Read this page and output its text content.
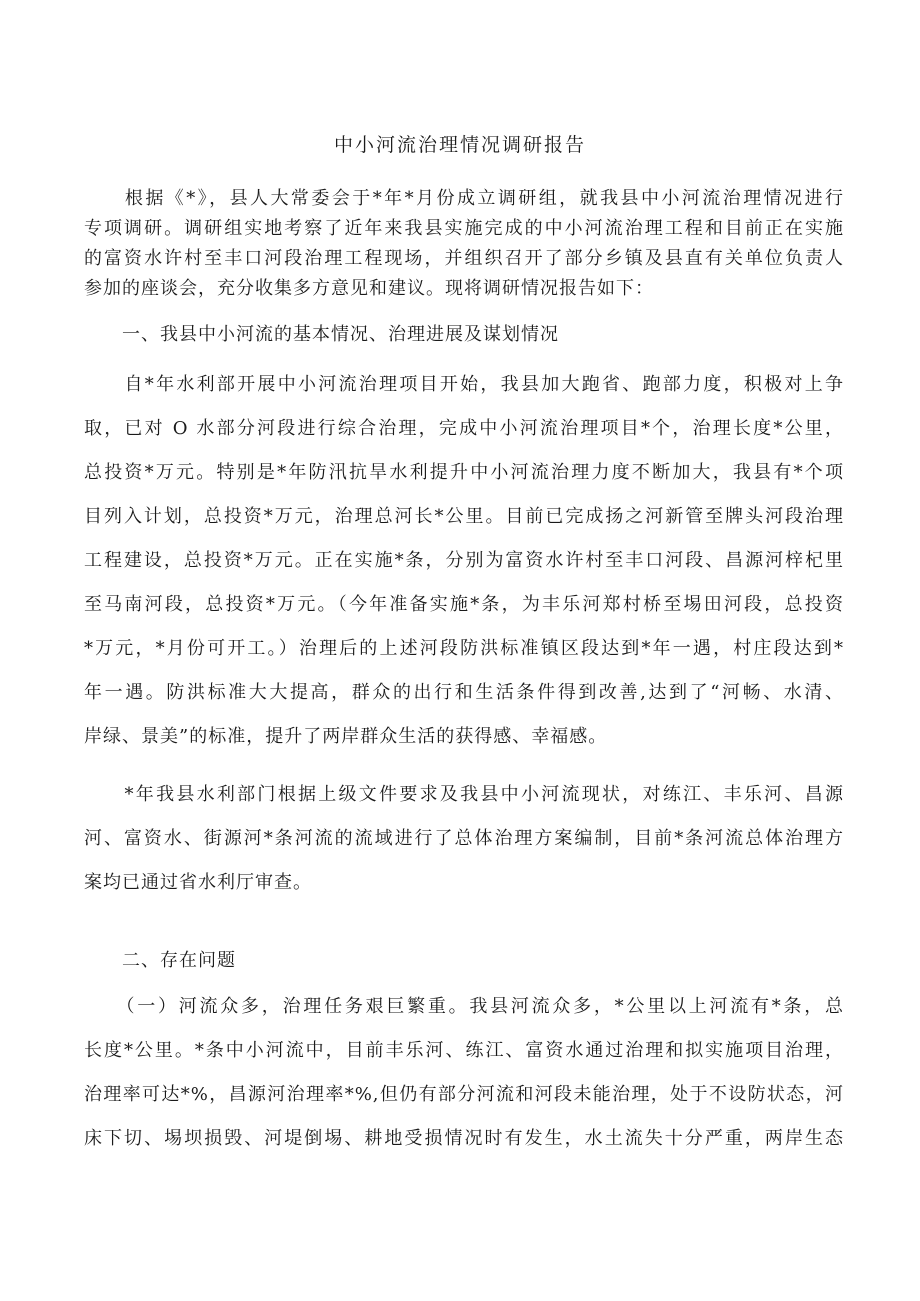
中小河流治理情况调研报告
　　根据《*》，县人大常委会于*年*月份成立调研组，就我县中小河流治理情况进行
专项调研。调研组实地考察了近年来我县实施完成的中小河流治理工程和目前正在实施
的富资水许村至丰口河段治理工程现场，并组织召开了部分乡镇及县直有关单位负责人
参加的座谈会，充分收集多方意见和建议。现将调研情况报告如下：
　　一、我县中小河流的基本情况、治理进展及谋划情况
　　自*年水利部开展中小河流治理项目开始，我县加大跑省、跑部力度，积极对上争
取，已对 O 水部分河段进行综合治理，完成中小河流治理项目*个，治理长度*公里，
总投资*万元。特别是*年防汛抗旱水利提升中小河流治理力度不断加大，我县有*个项
目列入计划，总投资*万元，治理总河长*公里。目前已完成扬之河新管至牌头河段治理
工程建设，总投资*万元。正在实施*条，分别为富资水许村至丰口河段、昌源河梓杞里
至马南河段，总投资*万元。（今年准备实施*条，为丰乐河郑村桥至埸田河段，总投资
*万元，*月份可开工。）治理后的上述河段防洪标准镇区段达到*年一遇，村庄段达到*
年一遇。防洪标准大大提高，群众的出行和生活条件得到改善,达到了“河畅、水清、
岸绿、景美”的标准，提升了两岸群众生活的获得感、幸福感。
　　*年我县水利部门根据上级文件要求及我县中小河流现状，对练江、丰乐河、昌源
河、富资水、街源河*条河流的流域进行了总体治理方案编制，目前*条河流总体治理方
案均已通过省水利厅审查。
　　二、存在问题
　　（一）河流众多，治理任务艰巨繁重。我县河流众多，*公里以上河流有*条，总
长度*公里。*条中小河流中，目前丰乐河、练江、富资水通过治理和拟实施项目治理，
治理率可达*%，昌源河治理率*%,但仍有部分河流和河段未能治理，处于不设防状态，河
床下切、埸坝损毁、河堤倒埸、耕地受损情况时有发生，水土流失十分严重，两岸生态
